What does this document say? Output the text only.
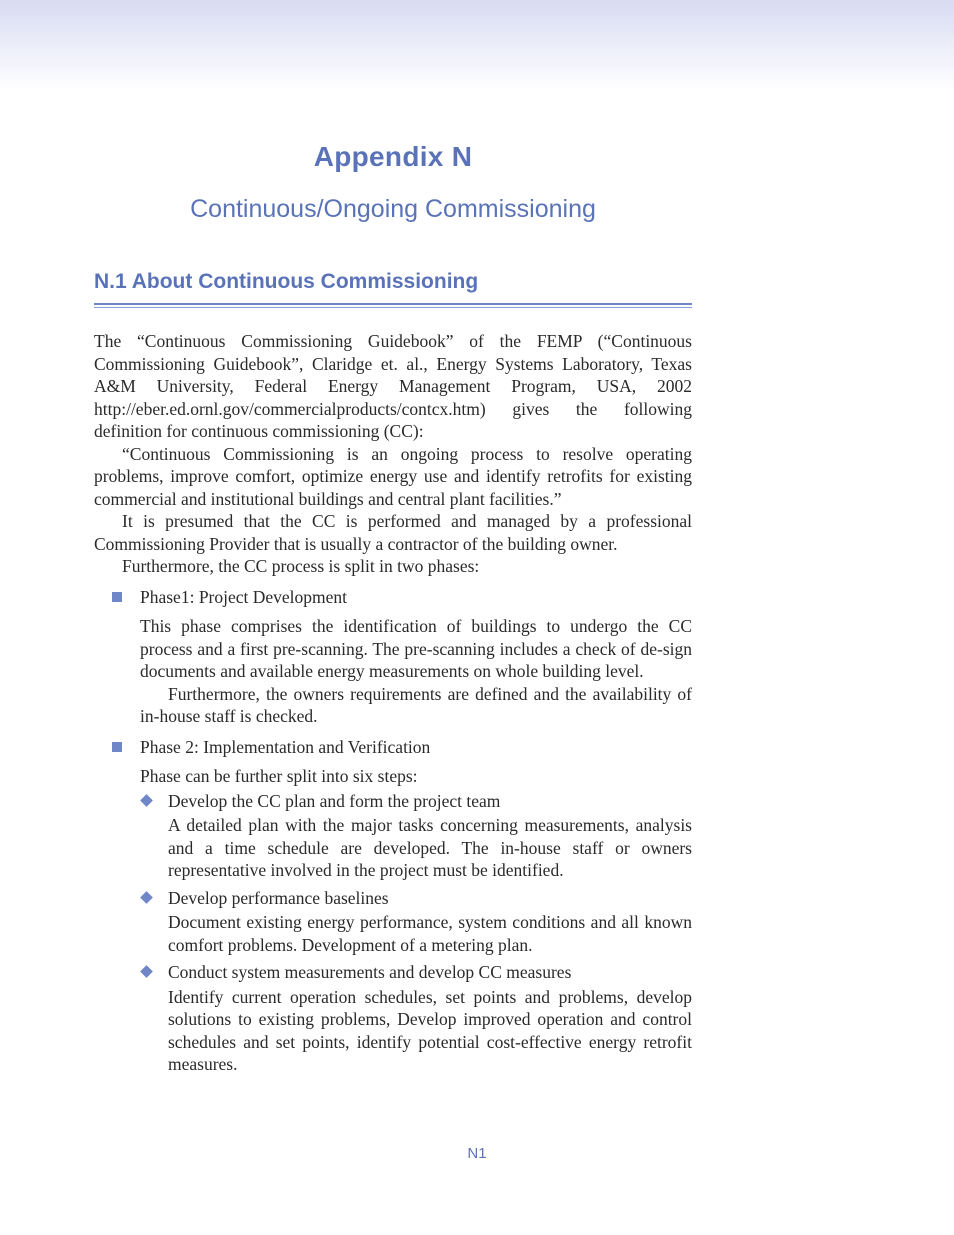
Appendix N
Continuous/Ongoing Commissioning
N.1 About Continuous Commissioning

The “Continuous Commissioning Guidebook” of the FEMP (“Continuous Commissioning Guidebook”, Claridge et. al., Energy Systems Laboratory, Texas A&M University, Federal Energy Management Program, USA, 2002 http://eber.ed.ornl.gov/commercialproducts/contcx.htm) gives the following definition for continuous commissioning (CC):

“Continuous Commissioning is an ongoing process to resolve operating problems, improve comfort, optimize energy use and identify retrofits for existing commercial and institutional buildings and central plant facilities.”

It is presumed that the CC is performed and managed by a professional Commissioning Provider that is usually a contractor of the building owner.

Furthermore, the CC process is split in two phases:

Phase1: Project Development

This phase comprises the identification of buildings to undergo the CC process and a first pre-scanning. The pre-scanning includes a check of de-sign documents and available energy measurements on whole building level.

Furthermore, the owners requirements are defined and the availability of in-house staff is checked.

Phase 2: Implementation and Verification

Phase can be further split into six steps:

Develop the CC plan and form the project team

A detailed plan with the major tasks concerning measurements, analysis and a time schedule are developed. The in-house staff or owners representative involved in the project must be identified.

Develop performance baselines

Document existing energy performance, system conditions and all known comfort problems. Development of a metering plan.

Conduct system measurements and develop CC measures

Identify current operation schedules, set points and problems, develop solutions to existing problems, Develop improved operation and control schedules and set points, identify potential cost-effective energy retrofit measures.

N1
